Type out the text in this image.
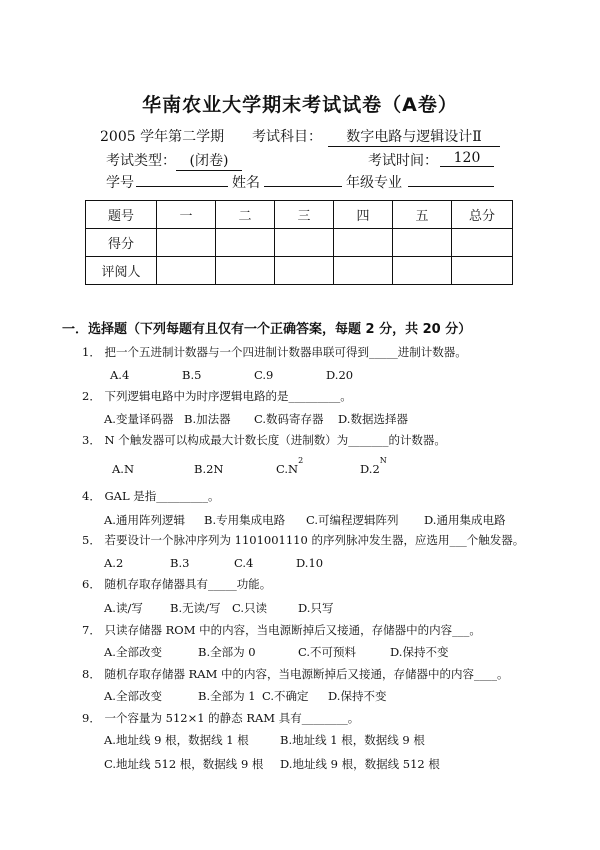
华南农业大学期末考试试卷（A卷）
2005 学年第二学期 考试科目：	数字电路与逻辑设计Ⅱ
考试类型： (闭卷)	考试时间：	120
学号	姓名	年级专业
题号	一	二	三	四	五	总分
得分						
评阅人						
一．选择题（下列每题有且仅有一个正确答案，每题 2 分，共 20 分）
1． 把一个五进制计数器与一个四进制计数器串联可得到_____进制计数器。
A.4	B.5	C.9	D.20
2． 下列逻辑电路中为时序逻辑电路的是_________。
A.变量译码器 B.加法器 C.数码寄存器 D.数据选择器
3． N 个触发器可以构成最大计数长度（进制数）为_______的计数器。
A.N	B.2N	$C.N^2$
$D.2^N$
4． GAL 是指_________。
A.通用阵列逻辑 B.专用集成电路 C.可编程逻辑阵列 D.通用集成电路
5． 若要设计一个脉冲序列为 1101001110 的序列脉冲发生器，应选用___个触发器。
A.2	B.3	C.4	D.10
6． 随机存取存储器具有_____功能。
A.读/写 B.无读/写 C.只读	D.只写
7． 只读存储器 ROM 中的内容，当电源断掉后又接通，存储器中的内容___。
A.全部改变	B.全部为 0	C.不可预料	D.保持不变
8． 随机存取存储器 RAM 中的内容，当电源断掉后又接通，存储器中的内容____。
A.全部改变	B.全部为 1 C.不确定 D.保持不变
9． 一个容量为 512×1 的静态 RAM 具有________。
A.地址线 9 根，数据线 1 根	B.地址线 1 根，数据线 9 根
C.地址线 512 根，数据线 9 根 D.地址线 9 根，数据线 512 根
